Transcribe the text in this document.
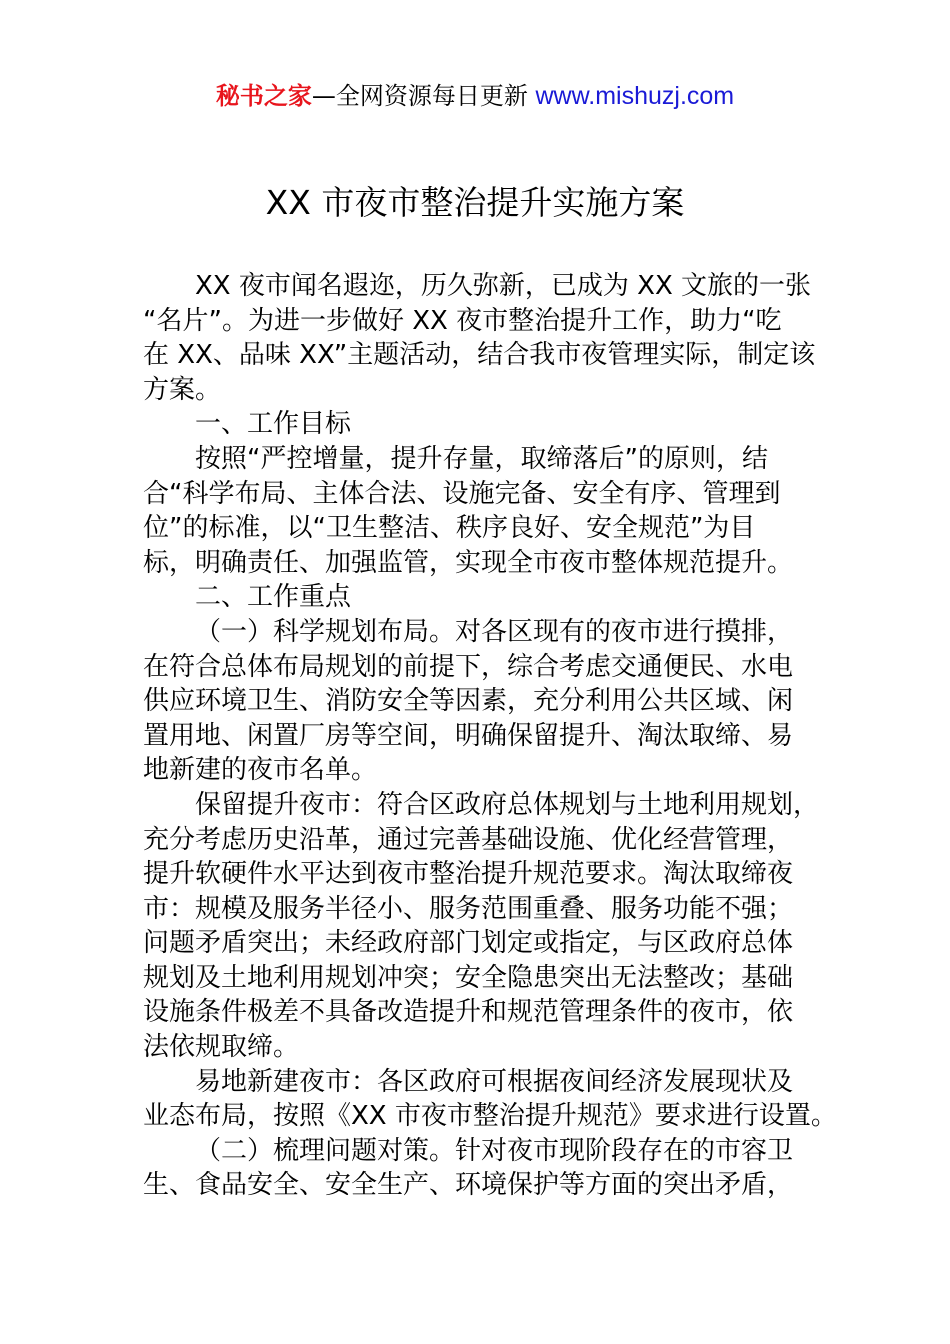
秘书之家—全网资源每日更新 www.mishuzj.com
XX 市夜市整治提升实施方案
XX 夜市闻名遐迩，历久弥新，已成为 XX 文旅的一张
“名片”。为进一步做好 XX 夜市整治提升工作，助力“吃
在 XX、品味 XX”主题活动，结合我市夜管理实际，制定该
方案。
一、工作目标
按照“严控增量，提升存量，取缔落后”的原则，结
合“科学布局、主体合法、设施完备、安全有序、管理到
位”的标准，以“卫生整洁、秩序良好、安全规范”为目
标，明确责任、加强监管，实现全市夜市整体规范提升。
二、工作重点
（一）科学规划布局。对各区现有的夜市进行摸排，
在符合总体布局规划的前提下，综合考虑交通便民、水电
供应环境卫生、消防安全等因素，充分利用公共区域、闲
置用地、闲置厂房等空间，明确保留提升、淘汰取缔、易
地新建的夜市名单。
保留提升夜市：符合区政府总体规划与土地利用规划，
充分考虑历史沿革，通过完善基础设施、优化经营管理，
提升软硬件水平达到夜市整治提升规范要求。淘汰取缔夜
市：规模及服务半径小、服务范围重叠、服务功能不强；
问题矛盾突出；未经政府部门划定或指定，与区政府总体
规划及土地利用规划冲突；安全隐患突出无法整改；基础
设施条件极差不具备改造提升和规范管理条件的夜市，依
法依规取缔。
易地新建夜市：各区政府可根据夜间经济发展现状及
业态布局，按照《XX 市夜市整治提升规范》要求进行设置。
（二）梳理问题对策。针对夜市现阶段存在的市容卫
生、食品安全、安全生产、环境保护等方面的突出矛盾，
